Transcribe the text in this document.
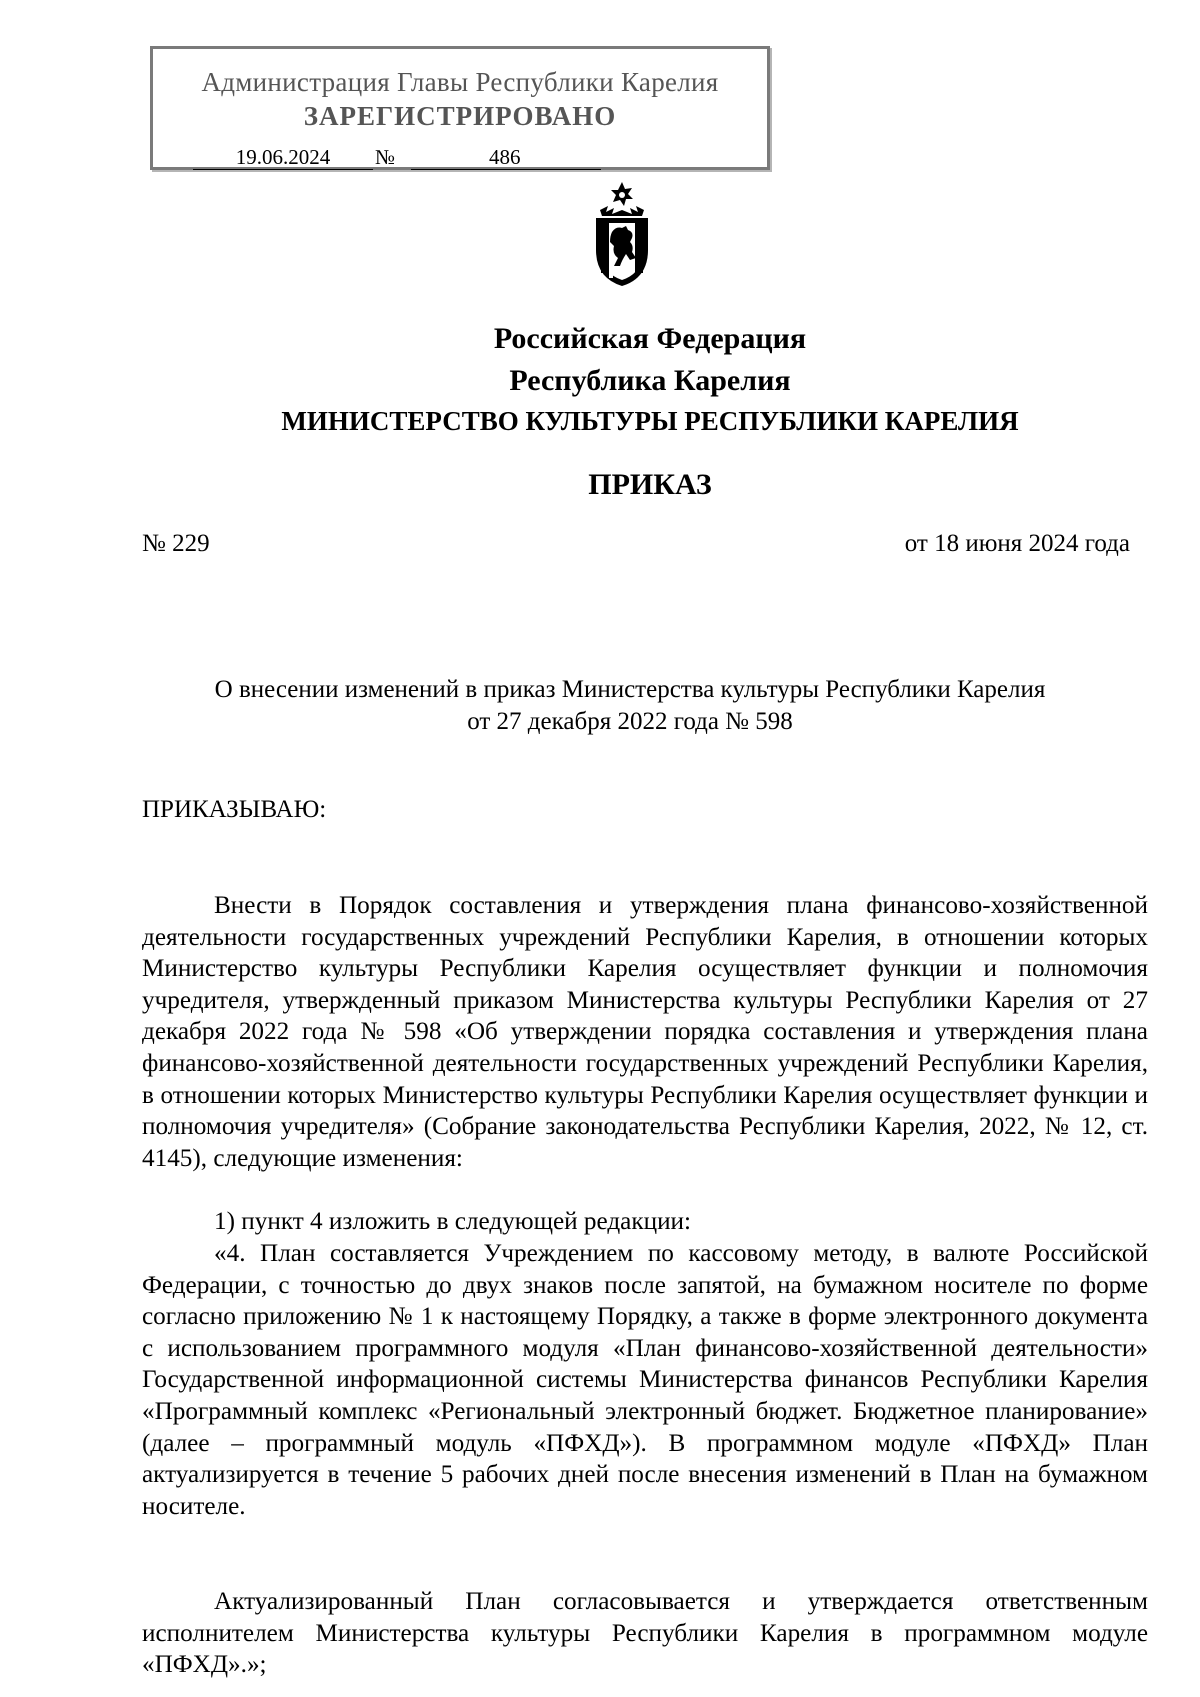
Администрация Главы Республики Карелия
ЗАРЕГИСТРИРОВАНО
19.06.2024	№	486
Российская Федерация
Республика Карелия
МИНИСТЕРСТВО КУЛЬТУРЫ РЕСПУБЛИКИ КАРЕЛИЯ
ПРИКАЗ
№ 229	от 18 июня 2024 года
О внесении изменений в приказ Министерства культуры Республики Карелия
от 27 декабря 2022 года № 598
ПРИКАЗЫВАЮ:

Внести в Порядок составления и утверждения плана финансово-хозяйственной деятельности государственных учреждений Республики Карелия, в отношении которых Министерство культуры Республики Карелия осуществляет функции и полномочия учредителя, утвержденный приказом Министерства культуры Республики Карелия от 27 декабря 2022 года № 598 «Об утверждении порядка составления и утверждения плана финансово-хозяйственной деятельности государственных учреждений Республики Карелия, в отношении которых Министерство культуры Республики Карелия осуществляет функции и полномочия учредителя» (Собрание законодательства Республики Карелия, 2022, № 12, ст. 4145), следующие изменения:

1) пункт 4 изложить в следующей редакции:

«4. План составляется Учреждением по кассовому методу, в валюте Российской Федерации, с точностью до двух знаков после запятой, на бумажном носителе по форме согласно приложению № 1 к настоящему Порядку, а также в форме электронного документа с использованием программного модуля «План финансово-хозяйственной деятельности» Государственной информационной системы Министерства финансов Республики Карелия «Программный комплекс «Региональный электронный бюджет. Бюджетное планирование» (далее – программный модуль «ПФХД»). В программном модуле «ПФХД» План актуализируется в течение 5 рабочих дней после внесения изменений в План на бумажном носителе.

Актуализированный План согласовывается и утверждается ответственным исполнителем Министерства культуры Республики Карелия в программном модуле «ПФХД».»;
